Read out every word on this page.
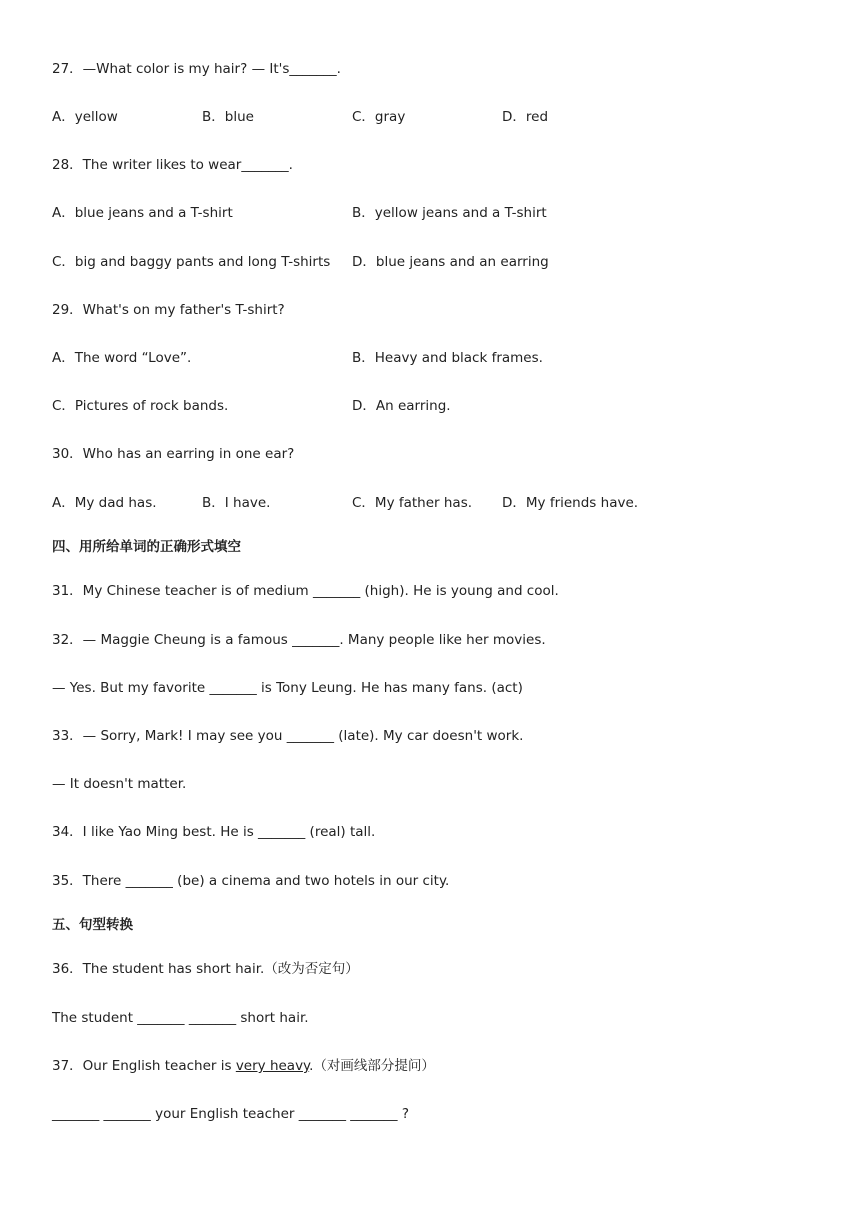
27．—What color is my hair? — It's_______.
A．yellow	B．blue	C．gray	D．red
28．The writer likes to wear_______.
A．blue jeans and a T-shirt	B．yellow jeans and a T-shirt
C．big and baggy pants and long T-shirts D．blue jeans and an earring
29．What's on my father's T-shirt?
A．The word “Love”.	B．Heavy and black frames.
C．Pictures of rock bands.	D．An earring.
30．Who has an earring in one ear?
A．My dad has.	B．I have.	C．My father has. D．My friends have.
四、用所给单词的正确形式填空
31．My Chinese teacher is of medium _______ (high). He is young and cool.
32．— Maggie Cheung is a famous _______. Many people like her movies.
— Yes. But my favorite _______ is Tony Leung. He has many fans. (act)
33．— Sorry, Mark! I may see you _______ (late). My car doesn't work.
— It doesn't matter.
34．I like Yao Ming best. He is _______ (real) tall.
35．There _______ (be) a cinema and two hotels in our city.
五、句型转换
36．The student has short hair.（改为否定句）
The student _______ _______ short hair.
37．Our English teacher is very heavy.（对画线部分提问）
_______ _______ your English teacher _______ _______ ?
